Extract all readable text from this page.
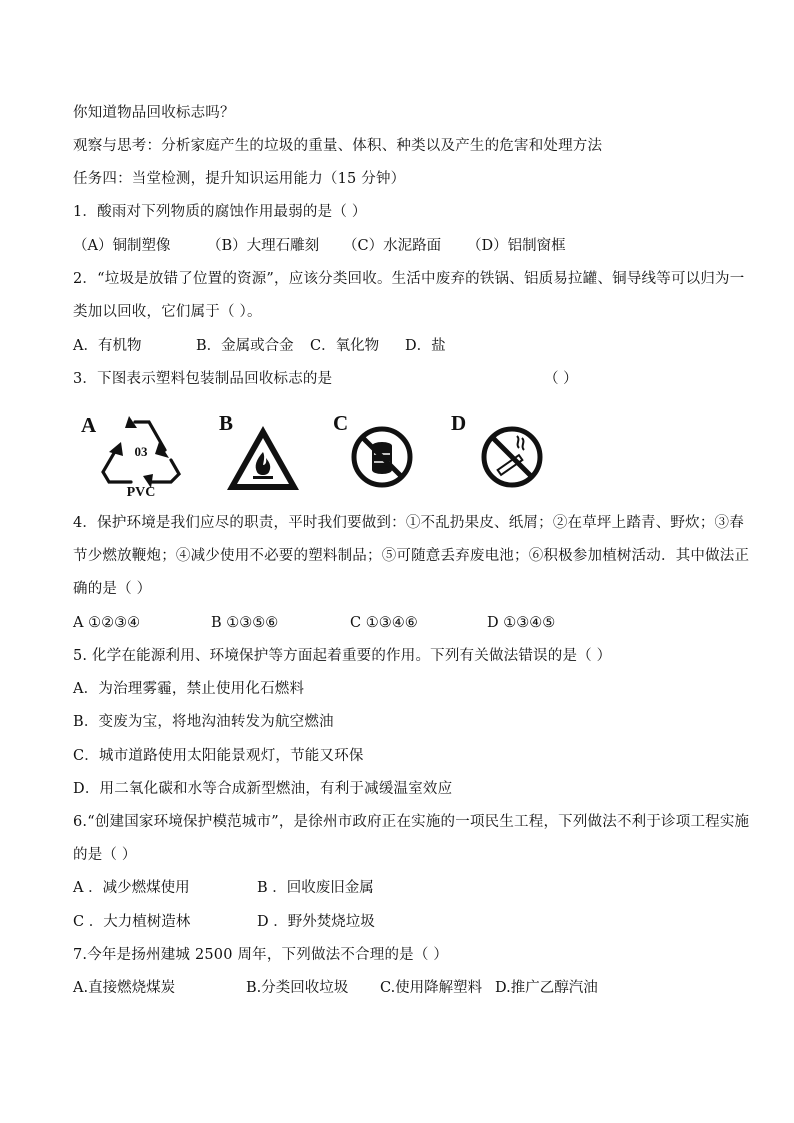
你知道物品回收标志吗？
观察与思考：分析家庭产生的垃圾的重量、体积、种类以及产生的危害和处理方法
任务四：当堂检测，提升知识运用能力（15 分钟）
1．酸雨对下列物质的腐蚀作用最弱的是（ ）
（A）铜制塑像	（B）大理石雕刻 （C）水泥路面 （D）铝制窗框
2．“垃圾是放错了位置的资源”，应该分类回收。生活中废弃的铁锅、铝质易拉罐、铜导线等可以归为一
类加以回收，它们属于（ ）。
A．有机物	B．金属或合金 C．氧化物 D．盐
3．下图表示塑料包装制品回收标志的是	（ ）
A
03
PVC
B	C	D
4．保护环境是我们应尽的职责，平时我们要做到：①不乱扔果皮、纸屑；②在草坪上踏青、野炊；③春
节少燃放鞭炮；④减少使用不必要的塑料制品；⑤可随意丢弃废电池；⑥积极参加植树活动．其中做法正
确的是（ ）
A ①②③④	B ①③⑤⑥	C ①③④⑥	D ①③④⑤
5. 化学在能源利用、环境保护等方面起着重要的作用。下列有关做法错误的是（ ）
A．为治理雾霾，禁止使用化石燃料
B．变废为宝，将地沟油转发为航空燃油
C．城市道路使用太阳能景观灯，节能又环保
D．用二氧化碳和水等合成新型燃油，有利于减缓温室效应
6.“创建国家环境保护模范城市”，是徐州市政府正在实施的一项民生工程，下列做法不利于诊项工程实施
的是（ ）
A ．减少燃煤使用	B ．回收废旧金属
C ．大力植树造林	D ．野外焚烧垃圾
7.今年是扬州建城 2500 周年，下列做法不合理的是（ ）
A.直接燃烧煤炭	B.分类回收垃圾 C.使用降解塑料 D.推广乙醇汽油
